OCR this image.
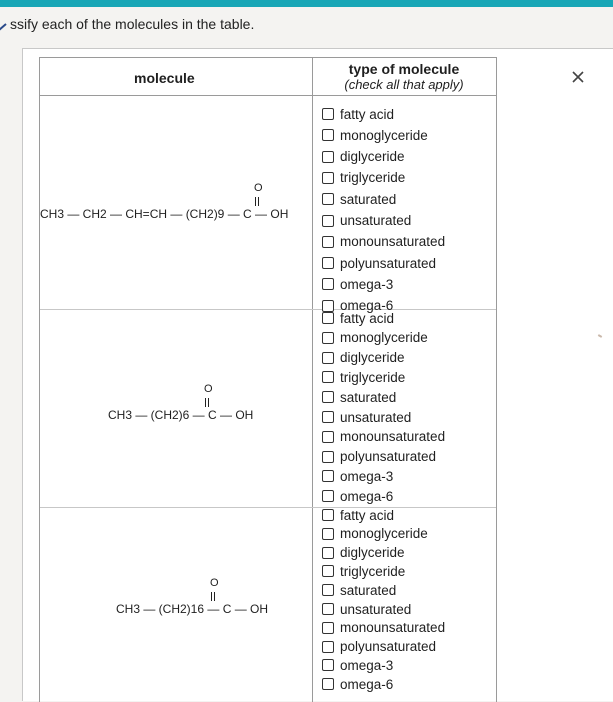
ssify each of the molecules in the table.
molecule
type of molecule
(check all that apply)
O
CH3 — CH2 — CH=CH — (CH2)9 — C — OH
O
CH3 — (CH2)6 — C — OH
O
CH3 — (CH2)16 — C — OH
fatty acid
monoglyceride
diglyceride
triglyceride
saturated
unsaturated
monounsaturated
polyunsaturated
omega-3
omega-6
fatty acid
monoglyceride
diglyceride
triglyceride
saturated
unsaturated
monounsaturated
polyunsaturated
omega-3
omega-6
fatty acid
monoglyceride
diglyceride
triglyceride
saturated
unsaturated
monounsaturated
polyunsaturated
omega-3
omega-6
